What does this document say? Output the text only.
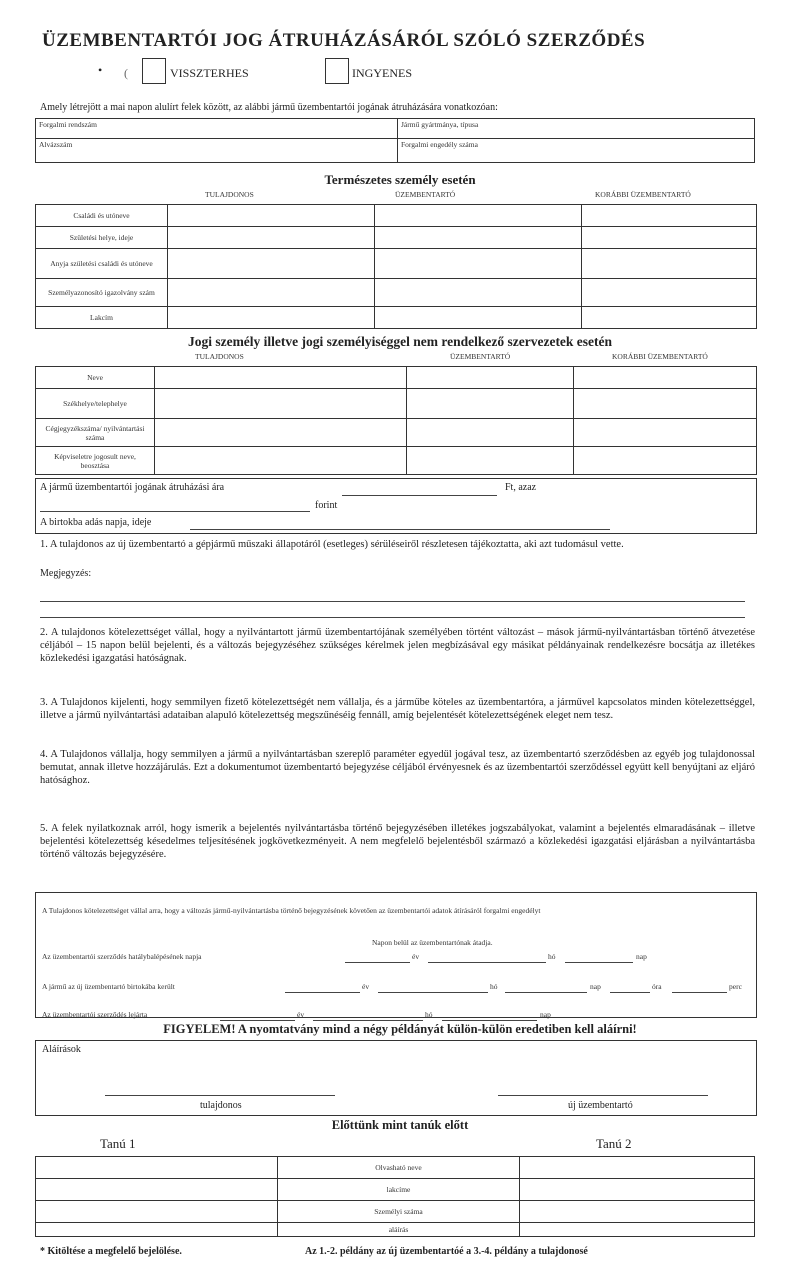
ÜZEMBENTARTÓI JOG ÁTRUHÁZÁSÁRÓL SZÓLÓ SZERZŐDÉS
• (	VISSZTERHES	INGYENES
Amely létrejött a mai napon alulírt felek között, az alábbi jármű üzembentartói jogának átruházására vonatkozóan:
Forgalmi rendszám	Jármű gyártmánya, típusa
Alvázszám	Forgalmi engedély száma
Természetes személy esetén
TULAJDONOS	ÜZEMBENTARTÓ	KORÁBBI ÜZEMBENTARTÓ
Családi és utóneve			
Születési helye, ideje			
Anyja születési családi és utóneve			
Személyazonosító igazolvány szám			
Lakcím			
Jogi személy illetve jogi személyiséggel nem rendelkező szervezetek esetén
TULAJDONOS	ÜZEMBENTARTÓ	KORÁBBI ÜZEMBENTARTÓ
Neve			
Székhelye/telephelye			
Cégjegyzékszáma/ nyilvántartási száma			
Képviseletre jogosult neve, beosztása			
A jármű üzembentartói jogának átruházási ára	Ft, azaz
forint
A birtokba adás napja, ideje
1. A tulajdonos az új üzembentartó a gépjármű műszaki állapotáról (esetleges) sérüléseiről részletesen tájékoztatta, aki azt tudomásul vette.
Megjegyzés:
2. A tulajdonos kötelezettséget vállal, hogy a nyilvántartott jármű üzembentartójának személyében történt változást – mások jármű-nyilvántartásban történő átvezetése céljából – 15 napon belül bejelenti, és a változás bejegyzéséhez szükséges kérelmek jelen megbízásával egy másikat példányainak rendelkezésre bocsátja az illetékes közlekedési igazgatási hatóságnak.
3. A Tulajdonos kijelenti, hogy semmilyen fizető kötelezettségét nem vállalja, és a járműbe köteles az üzembentartóra, a járművel kapcsolatos minden kötelezettséggel, illetve a jármű nyilvántartási adataiban alapuló kötelezettség megszűnéséig fennáll, amíg bejelentését kötelezettségének eleget nem tesz.
4. A Tulajdonos vállalja, hogy semmilyen a jármű a nyilvántartásban szereplő paraméter egyedül jogával tesz, az üzembentartó szerződésben az egyéb jog tulajdonossal bemutat, annak illetve hozzájárulás. Ezt a dokumentumot üzembentartó bejegyzése céljából érvényesnek és az üzembentartói szerződéssel együtt kell benyújtani az eljáró hatósághoz.
5. A felek nyilatkoznak arról, hogy ismerik a bejelentés nyilvántartásba történő bejegyzésében illetékes jogszabályokat, valamint a bejelentés elmaradásának – illetve bejelentési kötelezettség késedelmes teljesítésének jogkövetkezményeit. A nem megfelelő bejelentésből származó a közlekedési igazgatási eljárásban a nyilvántartásba történő változás bejegyzésére.
A Tulajdonos kötelezettséget vállal arra, hogy a változás jármű-nyilvántartásba történő bejegyzésének követően az üzembentartói adatok átírásáról forgalmi engedélyt
Napon belül az üzembentartónak átadja.
Az üzembentartói szerződés hatálybalépésének napja	év	hó	nap
A jármű az új üzembentartó birtokába került	év	hó	nap	óra	perc
Az üzembentartói szerződés lejárta	év	hó	nap
FIGYELEM! A nyomtatvány mind a négy példányát külön-külön eredetiben kell aláírni!
Aláírások
tulajdonos	új üzembentartó
Előttünk mint tanúk előtt
Tanú 1	Tanú 2
	Olvasható neve	
	lakcíme	
	Személyi száma	
	aláírás	
* Kitöltése a megfelelő bejelölése.	Az 1.-2. példány az új üzembentartóé a 3.-4. példány a tulajdonosé
